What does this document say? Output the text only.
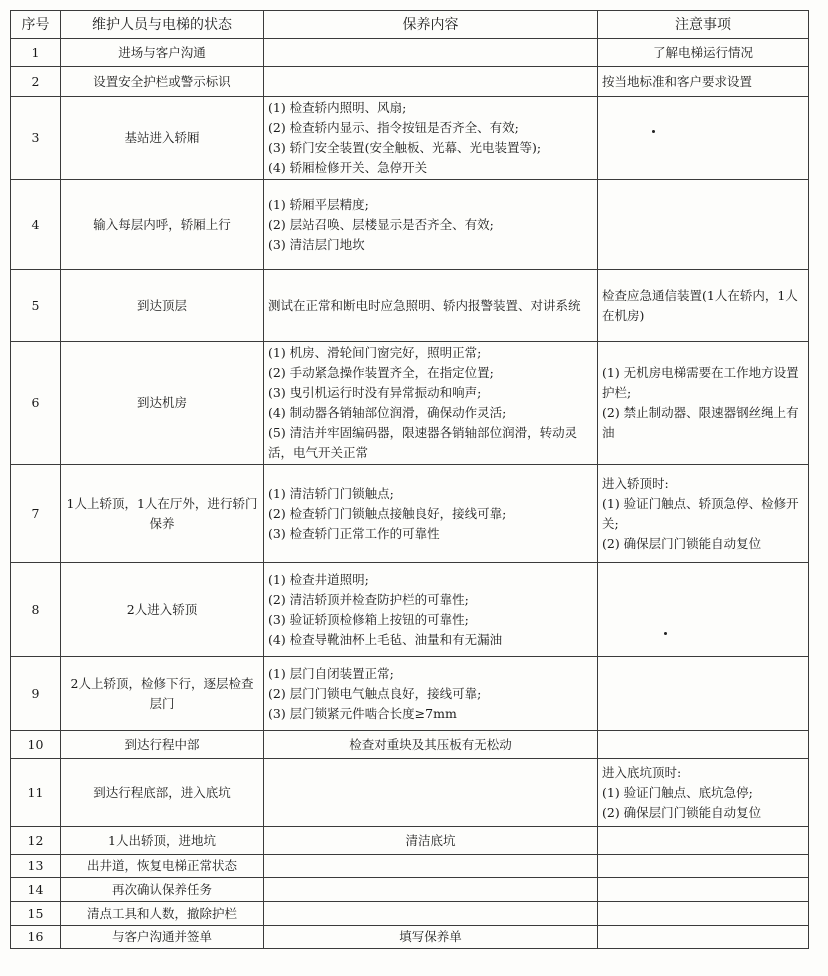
序号	维护人员与电梯的状态	保养内容	注意事项
1	进场与客户沟通		了解电梯运行情况

2	设置安全护栏或警示标识		按当地标准和客户要求设置

3	基站进入轿厢	(1) 检查轿内照明、风扇;
(2) 检查轿内显示、指令按钮是否齐全、有效;
(3) 轿门安全装置(安全触板、光幕、光电装置等);
(4) 轿厢检修开关、急停开关	

4	输入每层内呼，轿厢上行	(1) 轿厢平层精度;
(2) 层站召唤、层楼显示是否齐全、有效;
(3) 清洁层门地坎	

5	到达顶层	测试在正常和断电时应急照明、轿内报警装置、对讲系统	检查应急通信装置(1人在轿内，1人在机房)

6	到达机房	(1) 机房、滑轮间门窗完好，照明正常;
(2) 手动紧急操作装置齐全，在指定位置;
(3) 曳引机运行时没有异常振动和响声;
(4) 制动器各销轴部位润滑，确保动作灵活;
(5) 清洁并牢固编码器，限速器各销轴部位润滑，转动灵活，电气开关正常	(1) 无机房电梯需要在工作地方设置护栏;
(2) 禁止制动器、限速器钢丝绳上有油
7	1人上轿顶，1人在厅外，进行轿门保养	(1) 清洁轿门门锁触点;
(2) 检查轿门门锁触点接触良好，接线可靠;
(3) 检查轿门正常工作的可靠性	进入轿顶时:
(1) 验证门触点、轿顶急停、检修开关;
(2) 确保层门门锁能自动复位

8	2人进入轿顶	(1) 检查井道照明;
(2) 清洁轿顶并检查防护栏的可靠性;
(3) 验证轿顶检修箱上按钮的可靠性;
(4) 检查导靴油杯上毛毡、油量和有无漏油	

9	2人上轿顶，检修下行，逐层检查层门	(1) 层门自闭装置正常;
(2) 层门门锁电气触点良好，接线可靠;
(3) 层门锁紧元件啮合长度≥7mm	

10	到达行程中部	检查对重块及其压板有无松动	

11	到达行程底部，进入底坑		进入底坑顶时:
(1) 验证门触点、底坑急停;
(2) 确保层门门锁能自动复位

12	1人出轿顶，进地坑	清洁底坑	

13	出井道，恢复电梯正常状态	

14	再次确认保养任务	

15	清点工具和人数，撤除护栏	

16	与客户沟通并签单	填写保养单	
